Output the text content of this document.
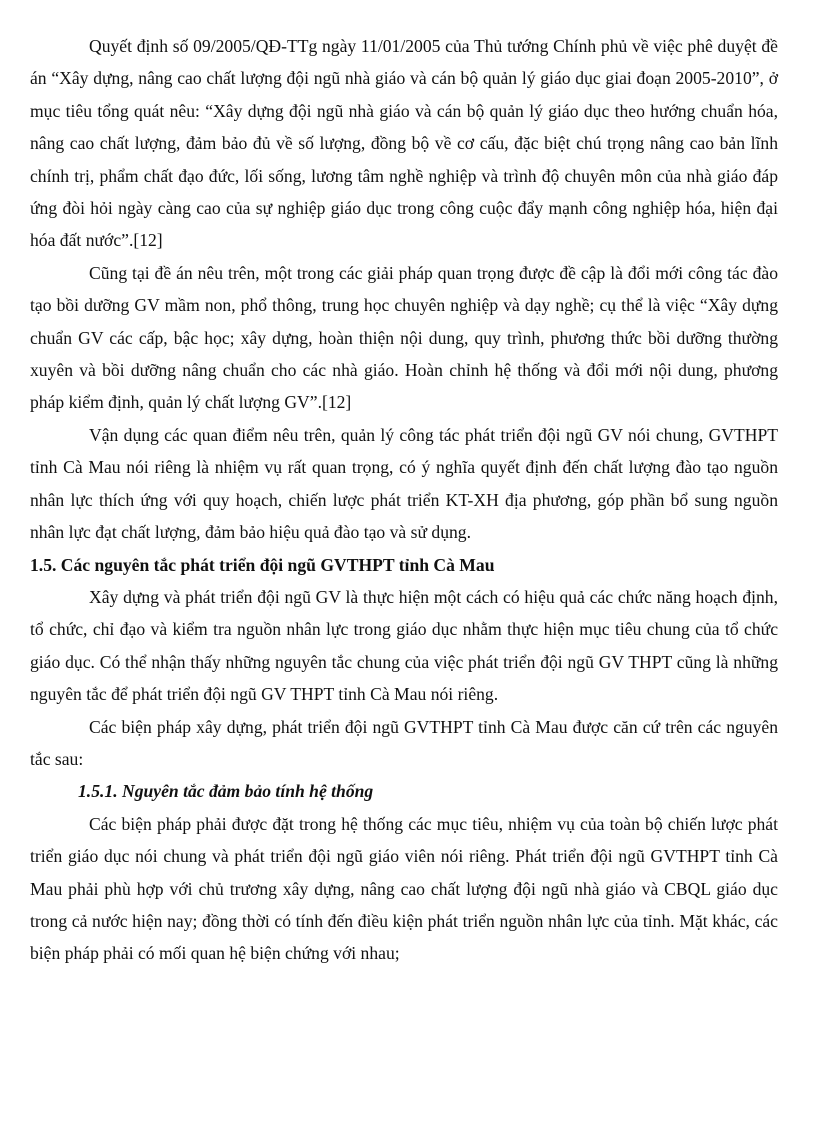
Quyết định số 09/2005/QĐ-TTg ngày 11/01/2005 của Thủ tướng Chính phủ về việc phê duyệt đề án “Xây dựng, nâng cao chất lượng đội ngũ nhà giáo và cán bộ quản lý giáo dục giai đoạn 2005-2010”, ở mục tiêu tổng quát nêu: “Xây dựng đội ngũ nhà giáo và cán bộ quản lý giáo dục theo hướng chuẩn hóa, nâng cao chất lượng, đảm bảo đủ về số lượng, đồng bộ về cơ cấu, đặc biệt chú trọng nâng cao bản lĩnh chính trị, phẩm chất đạo đức, lối sống, lương tâm nghề nghiệp và trình độ chuyên môn của nhà giáo đáp ứng đòi hỏi ngày càng cao của sự nghiệp giáo dục trong công cuộc đẩy mạnh công nghiệp hóa, hiện đại hóa đất nước”.[12]

Cũng tại đề án nêu trên, một trong các giải pháp quan trọng được đề cập là đổi mới công tác đào tạo bồi dưỡng GV mầm non, phổ thông, trung học chuyên nghiệp và dạy nghề; cụ thể là việc “Xây dựng chuẩn GV các cấp, bậc học; xây dựng, hoàn thiện nội dung, quy trình, phương thức bồi dưỡng thường xuyên và bồi dưỡng nâng chuẩn cho các nhà giáo. Hoàn chỉnh hệ thống và đổi mới nội dung, phương pháp kiểm định, quản lý chất lượng GV”.[12]

Vận dụng các quan điểm nêu trên, quản lý công tác phát triển đội ngũ GV nói chung, GVTHPT tỉnh Cà Mau nói riêng là nhiệm vụ rất quan trọng, có ý nghĩa quyết định đến chất lượng đào tạo nguồn nhân lực thích ứng với quy hoạch, chiến lược phát triển KT-XH địa phương, góp phần bổ sung nguồn nhân lực đạt chất lượng, đảm bảo hiệu quả đào tạo và sử dụng.

1.5. Các nguyên tắc phát triển đội ngũ GVTHPT tỉnh Cà Mau

Xây dựng và phát triển đội ngũ GV là thực hiện một cách có hiệu quả các chức năng hoạch định, tổ chức, chỉ đạo và kiểm tra nguồn nhân lực trong giáo dục nhằm thực hiện mục tiêu chung của tổ chức giáo dục. Có thể nhận thấy những nguyên tắc chung của việc phát triển đội ngũ GV THPT cũng là những nguyên tắc để phát triển đội ngũ GV THPT tỉnh Cà Mau nói riêng.

Các biện pháp xây dựng, phát triển đội ngũ GVTHPT tỉnh Cà Mau được căn cứ trên các nguyên tắc sau:

1.5.1. Nguyên tắc đảm bảo tính hệ thống

Các biện pháp phải được đặt trong hệ thống các mục tiêu, nhiệm vụ của toàn bộ chiến lược phát triển giáo dục nói chung và phát triển đội ngũ giáo viên nói riêng. Phát triển đội ngũ GVTHPT tỉnh Cà Mau phải phù hợp với chủ trương xây dựng, nâng cao chất lượng đội ngũ nhà giáo và CBQL giáo dục trong cả nước hiện nay; đồng thời có tính đến điều kiện phát triển nguồn nhân lực của tỉnh. Mặt khác, các biện pháp phải có mối quan hệ biện chứng với nhau;
